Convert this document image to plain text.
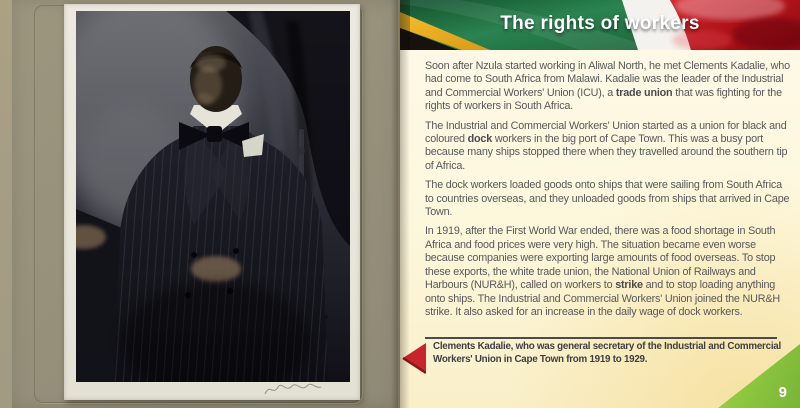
The rights of workers

Soon after Nzula started working in Aliwal North, he met Clements Kadalie, who had come to South Africa from Malawi. Kadalie was the leader of the Industrial and Commercial Workers' Union (ICU), a trade union that was fighting for the rights of workers in South Africa.

The Industrial and Commercial Workers' Union started as a union for black and coloured dock workers in the big port of Cape Town. This was a busy port because many ships stopped there when they travelled around the southern tip of Africa.

The dock workers loaded goods onto ships that were sailing from South Africa to countries overseas, and they unloaded goods from ships that arrived in Cape Town.

In 1919, after the First World War ended, there was a food shortage in South Africa and food prices were very high. The situation became even worse because companies were exporting large amounts of food overseas. To stop these exports, the white trade union, the National Union of Railways and Harbours (NUR&H), called on workers to strike and to stop loading anything onto ships. The Industrial and Commercial Workers' Union joined the NUR&H strike. It also asked for an increase in the daily wage of dock workers.

Clements Kadalie, who was general secretary of the Industrial and Commercial Workers' Union in Cape Town from 1919 to 1929.

9
